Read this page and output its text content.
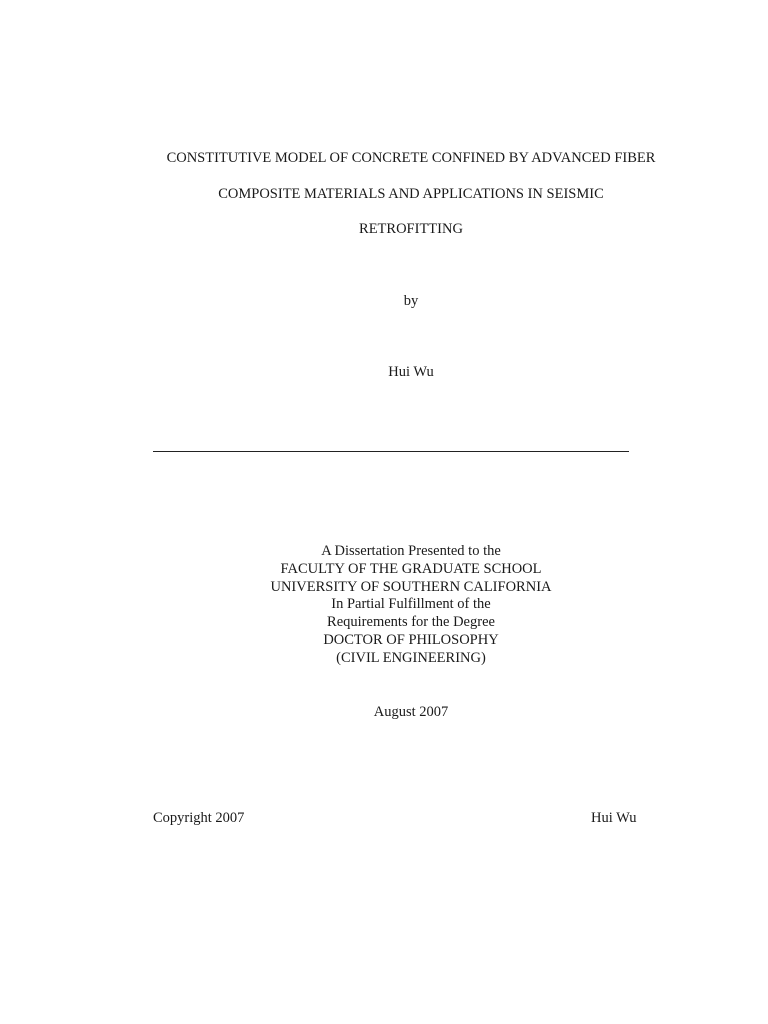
CONSTITUTIVE MODEL OF CONCRETE CONFINED BY ADVANCED FIBER
COMPOSITE MATERIALS AND APPLICATIONS IN SEISMIC
RETROFITTING
by
Hui Wu
A Dissertation Presented to the
FACULTY OF THE GRADUATE SCHOOL
UNIVERSITY OF SOUTHERN CALIFORNIA
In Partial Fulfillment of the
Requirements for the Degree
DOCTOR OF PHILOSOPHY
(CIVIL ENGINEERING)
August 2007
Copyright 2007	Hui Wu
